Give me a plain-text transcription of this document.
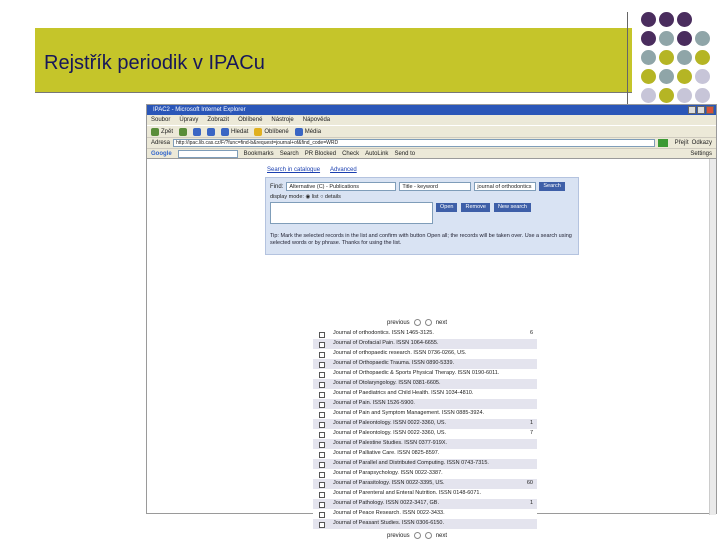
Rejstřík periodik v IPACu
IPAC2 - Microsoft Internet Explorer
Soubor Úpravy Zobrazit Oblíbené Nástroje Nápověda
Zpět	Hledat	Oblíbené	Média
Adresa	http://ipac.lib.cas.cz/F/?func=find-b&request=journal+of&find_code=WRD	Přejít Odkazy
Google	Bookmarks Search PR Blocked Check AutoLink Send to	Settings
Search in catalogue Advanced
Find:	Alternative (C) - Publications	Title - keyword	journal of orthodontics	Search
display mode: ◉ list ○ details
Open	Remove	New search
Tip: Mark the selected records in the list and confirm with button Open all; the records will be taken over. Use a search using selected words or by phrase. Thanks for using the list.
previous	next
Journal of orthodontics. ISSN 1465-3125.	6
Journal of Orofacial Pain. ISSN 1064-6655.
Journal of orthopaedic research. ISSN 0736-0266, US.
Journal of Orthopaedic Trauma. ISSN 0890-5339.
Journal of Orthopaedic & Sports Physical Therapy. ISSN 0190-6011.
Journal of Otolaryngology. ISSN 0381-6605.
Journal of Paediatrics and Child Health. ISSN 1034-4810.
Journal of Pain. ISSN 1526-5900.
Journal of Pain and Symptom Management. ISSN 0885-3924.
Journal of Paleontology. ISSN 0022-3360, US.	1
Journal of Paleontology. ISSN 0022-3360, US.	7
Journal of Palestine Studies. ISSN 0377-919X.
Journal of Palliative Care. ISSN 0825-8597.
Journal of Parallel and Distributed Computing. ISSN 0743-7315.
Journal of Parapsychology. ISSN 0022-3387.
Journal of Parasitology. ISSN 0022-3395, US.	60
Journal of Parenteral and Enteral Nutrition. ISSN 0148-6071.
Journal of Pathology. ISSN 0022-3417, GB.	1
Journal of Peace Research. ISSN 0022-3433.
Journal of Peasant Studies. ISSN 0306-6150.
previous	next
